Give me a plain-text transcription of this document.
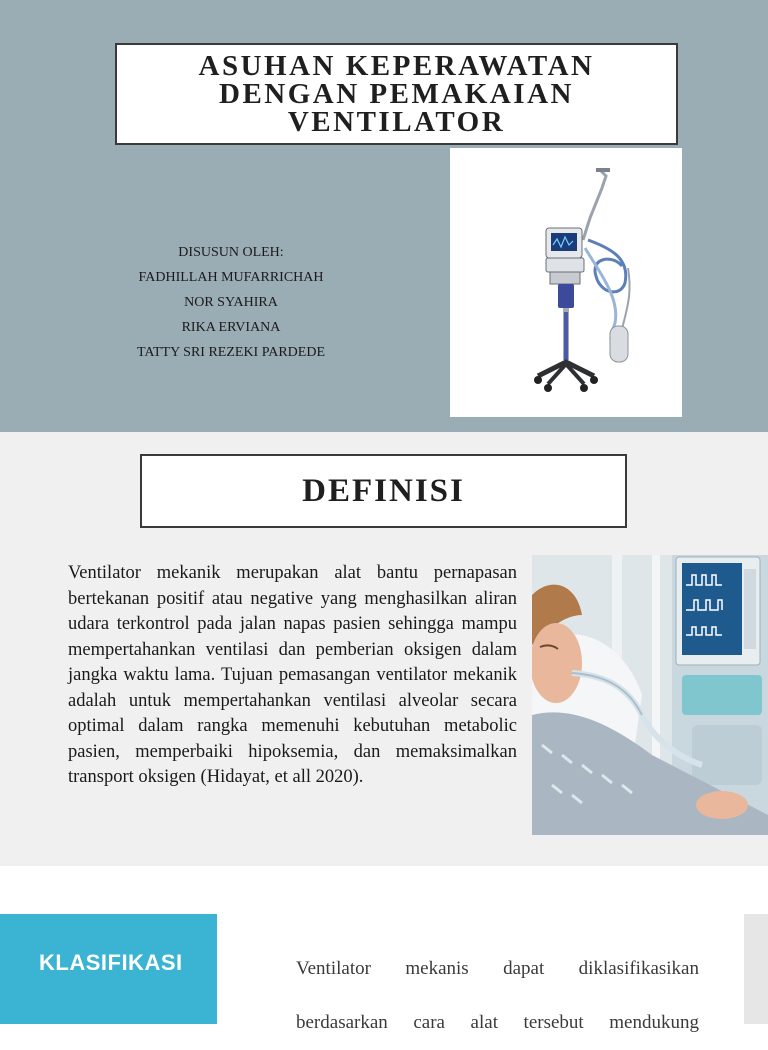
ASUHAN KEPERAWATAN
DENGAN PEMAKAIAN
VENTILATOR
DISUSUN OLEH:
FADHILLAH MUFARRICHAH
NOR SYAHIRA
RIKA ERVIANA
TATTY SRI REZEKI PARDEDE
DEFINISI
Ventilator mekanik merupakan alat bantu pernapasan bertekanan positif atau negative yang menghasilkan aliran udara terkontrol pada jalan napas pasien sehingga mampu mempertahankan ventilasi dan pemberian oksigen dalam jangka waktu lama. Tujuan pemasangan ventilator mekanik adalah untuk mempertahankan ventilasi alveolar secara optimal dalam rangka memenuhi kebutuhan metabolic pasien, memperbaiki hipoksemia, dan memaksimalkan transport oksigen (Hidayat, et all 2020).
KLASIFIKASI	Ventilator mekanis dapat diklasifikasikan

berdasarkan cara alat tersebut mendukung
